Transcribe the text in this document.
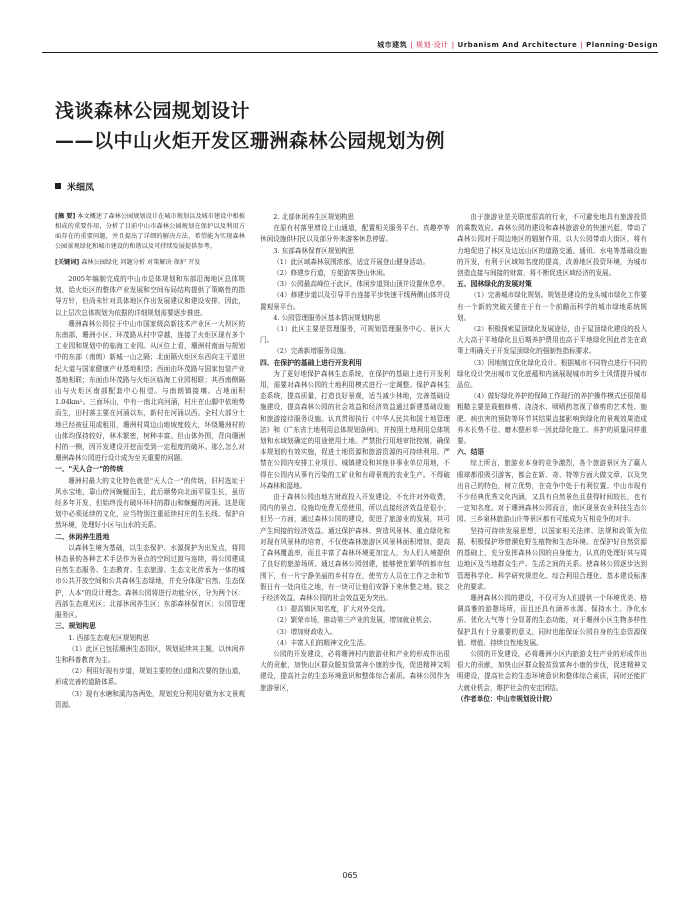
城市建筑 | 规划·设计 | Urbanism And Architecture | Planning·Design
浅谈森林公园规划设计
——以中山火炬开发区珊洲森林公园规划为例
米细凤

[摘 要] 本文概述了森林公园规划设计在城市规划以及城市建设中根植相成的重要作用，分析了目前中山市森林公园规划在保护以及利用方面存在的重要问题，并且提出了详细的解决方法，希望能为实现森林公园景观绿化和城市建设的和谐以及可持续发展提供参考。

[关键词] 森林公园绿化 问题分析 对策解决 保护 开发

2005年编制完成的中山市总体规划和东部沿海地区总体规划，给火炬区的整体产业发展和空间布局结构提供了策略性的指导方针，但尚未针对具体地区作出发展建议和建设安排，因此，以上层次总体规划为依据的详细规划需要逐步推进。

珊洲森林公园位于中山市国家级高新技术产业区一大坝区的东南部，珊洲小区、环茂路从村中穿越，连接了火炬区现有多个工业园和规划中的临海工业园。从区位上看，珊洲村南面与规划中的东部（南朗）新城一山之隔；北面隔火炬区东西向主干道世纪大道与国家健康产业基地相望；西面由环茂路与国家包装产业基地相联；东面由环茂路与火炬区临海工业园相联；其西南侧隔山与火炬区南部配套中心相望。与南朗镇接壤。占地面积1.04km²。三面环山，中有一南北向河涌，村庄在山脚中依地势而生，田村落主要在河涌以东，新村在河涌以西。全村大部分土地已经被征用或租用，珊洲村周边山地坡度较大，环绕珊洲村的山体均保持较好，林木繁密，树种丰富。但山体外围，背向珊洲村的一侧，因开发建设开挖而受到一定程度的破坏。那么怎么对珊洲森林公园进行设计成为至关重要的问题。

一、"天人合一"的传统

珊洲村最大的文化特色就是"天人合一"的传统，旧村选址于风水宝地，靠山傍河蜿蜒而生，此后顺势向北面平原生长，虽历经多年开发，但始终没有破坏环村的群山和蜿蜒的河涌。这是现划中必须延续的文化，应当特别注重延续村庄的生长线、保护自然环境，处理好小区与山水的关系。

二、休闲养生胜地

以森林生境为基础，以生态保护、水源探护为出发点，将园林态景的各种艺术手法作为景点的空间过渡与连续，将公园建成自然生态服务、生态教育、生态旅游、生态文化传承为一体的城市公共开放空间和公共森林生态绿地，并充分体现"自然、生态保护，人本"的设计理念。森林公园将进行功能分区，分为两个区：西部生态观光区；北部休闲养生区；东部森林保育区；公园管理服务区。

三、规划构思

1. 西部生态观光区规划构思

（1）此区已包括珊洲生态园区，规划延续其主题，以休闲养生和科普教育为主。

（2）利用好现有步道，规划主要的登山道和次要的登山道，形成完善的道路体系。

（3）现有水塘和溪沟各两处，规划充分利用好做为水文景观资源。

2. 北部休闲养生区规划构思

在原有村落里增设上山通道，配置相关服务平台、真趣亭等休闲设施供村民以及部分外来游客休息停留。

3. 东部森林保育区规划构思

（1）此区域森林氛围浓郁，适宜开展登山健身活动。

（2）修建步行道，方便游客登山休闲。

（3）公园最高峰位于此区，体闲步道到山顶并设置休息亭。

（4）修建步道以及引导平台连接平步快速干线两侧山体并设置观景平台。

4. 公园管理服务区基本情况规划构思

（1）此区主要是管理服务，可规划管理服务中心、景区大门。

（2）完善新增服务设施。

四、在保护的基础上进行开发利用

为了更好地保护森林生态系统，在保护的基础上进行开发利用，需要对森林公园的土地利用模式进行一定调整。保护森林生态系统，提高质量，打造良好景观，适当减少林地，完善基础设施建设，提高森林公园的社会效益和经济效益通过新建基础设施和旅游接待服务设施。认真贯彻执行《中华人民共和国土地管理法》和《广东省土地利用总体规划条例》，并按照土地利用总体规划和水域划确定的用途使用土地。严禁批行用地审批控制，确保本规划的有效实施，促进土地资源和旅游资源的可持续利用。严禁在公园内安排工业项目、城镇建设和其他非事业单位用地，不得在公园内从事有污染的工矿业和有碍景观的农业生产。不得破坏森林和湿地。

由于森林公园由地方财政投入开发建设，不允许对外收费，园内的景点、设施均免费无偿使用，所以直接经济效益是很小；但另一方面，通过森林公园的建设，促进了旅游业的发展，其可产生间接的经济效益。通过保护森林、营造风景林、重点绿化和对现有风景林的培育，不仅使森林旅游区风景林面积增加，提高了森林覆盖率，而且丰富了森林环境更加宜人，为人们人境提供了良好的旅游场所。通过森林公园创建，能够使在繁华的都市包围下，有一片宁静美丽的乡村存在，使劳方人员在工作之余和节假日有一处向往之地，有一块可让他们安静下来休整之地。较之于经济效益，森林公园的社会效益更为突出。

（1）提高镇区知名度，扩大对外交流。

（2）繁荣市场，推动第三产业的发展，增加就业机会。

（3）增加财政收入。

（4）丰富人们的精神文化生活。

公园的开发建设，必将珊洲村内旅游业和产业的形成作出很大的贡献，加快山区群众脱贫致富奔小康的步伐，促进精神文明建设，提高社会的生态环境意识和整体综合素质。森林公园作为旅游景区，

由于旅游业是关联度很高的行业，不可避免地具有旅游投资的乘数效应。森林公园的建设和森林旅游业的快速兴起，带动了森林公园对于周边地区的辐射作用，以大公园带动大街区，将有力地促进了林区及边远山区的道路交通、通讯、水电等基础设施的开发，有利于区域知名度的提高，改善地区投资环境，为城市创造直接与间接的财富，将不断促进区域经济的发展。

五、园林绿化的发展对策

（1）完善城市绿化规划。规划是建设的龙头城市绿化工作要有一个新的突破关键在于有一个前瞻而科学的城市绿地系统规划。

（2）积极探索屋顶绿化发展途径，由于屋顶绿化建设的投入大大高于平地绿化且后期养护费用也高于平地绿化因此首先在政策上明确关于开发屋顶绿化的强制性指标要求。

（3）因地制宜优化绿化设计。根据城市不同特点进行不同的绿化设计突出城市文化底蕴和内涵展现城市的乡土风情提升城市品位。

（4）做好绿化养护的保障工作现行的养护操作模式还很简易粗糙主要是栽植修剪、浇浇水、喷喷药忽视了修剪的艺术性、施肥、病虫害的预防等环节其结果直接影响到绿化的景观效果造成养木长势不佳、磨木整形单一因此绿化施工、养护的质量同样重要。

六、结语

综上所言，旅游业本身的竞争激烈，各个旅游景区为了赢人眼球都很吸引游客，都会在新、奇、特等方面大做文章，以及突出自己的特色，树立优势，在竞争中处于有利位置。中山市现有不少经典优秀文化内涵，又具有自然景色且获得时间较长，也有一定知名度。对于珊洲森林公园而言，南区现景农业科技生态公园、三乡泉林旅游山庄等景区都有可能成为互相竞争的对手。

坚持可持续发展思想，以国家相关法律、法规和政策为依据，积极保护珍惜濒危野生植物和生态环境。在保护好自然资源的基础上，充分发挥森林公园的自身能力，认真的处理好其与周边地区及当地群众生产、生活之间的关系。使森林公园逐步达到管理科学化、科学研究规范化、综合利用合理化、基本建设标准化的要求。

珊洲森林公园的建设，不仅可为人们提供一个环境优美、格调高雅的游憩场所，而且还具有涵养水源、保持水土、净化水质、优化大气等十分显著的生态功能，对于珊洲小区生物多样性保护具有十分重要的意义，同时也能保证公园自身的生态资源保值、增值、持续良性地发展。

公园的开发建设，必将珊洲小区内旅游支柱产业的形成作出很大的贡献，加快山区群众脱贫致富奔小康的步伐，促进精神文明建设，提高社会的生态环境意识和整体综合素质，同时还能扩大就业机会，维护社会的安定团结。

（作者单位：中山市规划设计院）

065
